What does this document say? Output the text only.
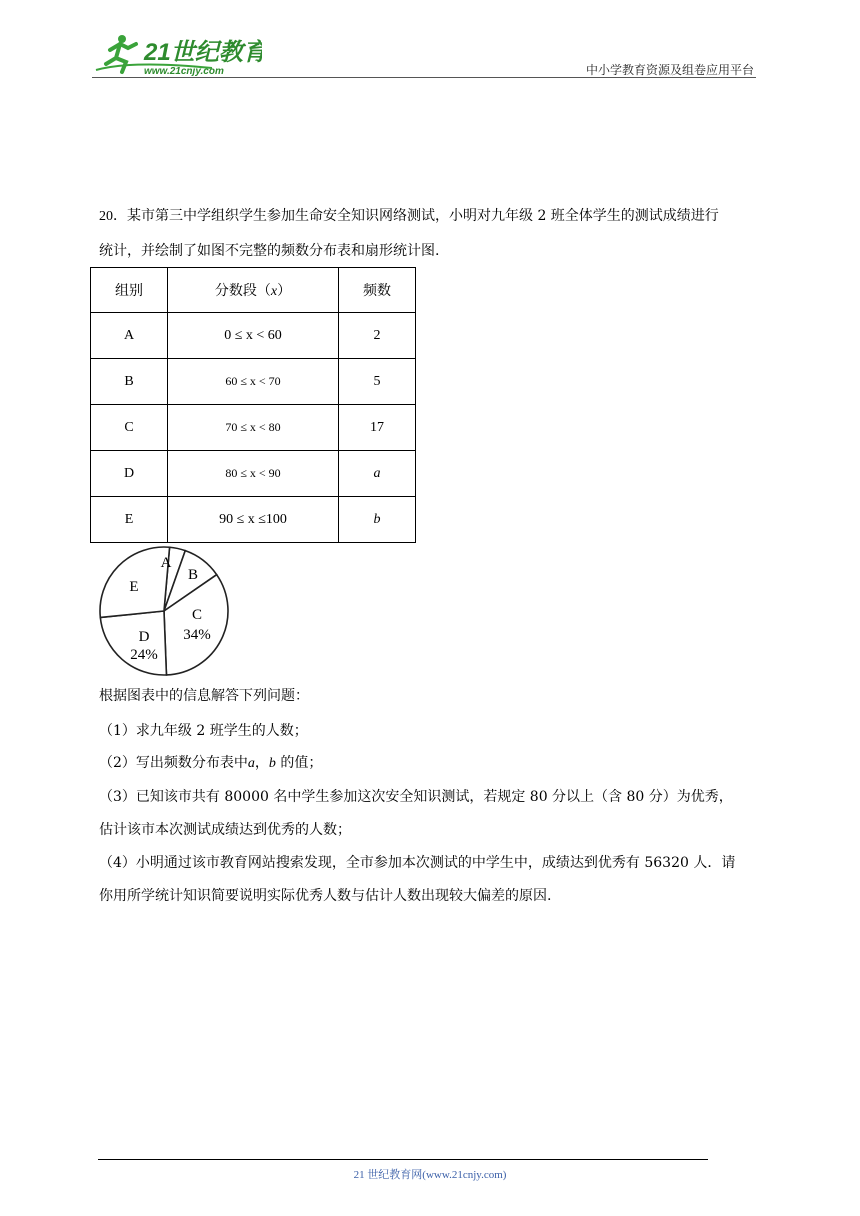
21世纪教育
www.21cnjy.com	中小学教育资源及组卷应用平台
20．某市第三中学组织学生参加生命安全知识网络测试，小明对九年级 2 班全体学生的测试成绩进行
统计，并绘制了如图不完整的频数分布表和扇形统计图.
组别	分数段（x）	频数
A	0 ≤ x < 60	2
B	60 ≤ x < 70	5
C	70 ≤ x < 80	17
D	80 ≤ x < 90	a
E	90 ≤ x ≤100	b
A
B
C
34%
D
24%
E
根据图表中的信息解答下列问题：
（1）求九年级 2 班学生的人数；
（2）写出频数分布表中a，b 的值；
（3）已知该市共有 80000 名中学生参加这次安全知识测试，若规定 80 分以上（含 80 分）为优秀，
估计该市本次测试成绩达到优秀的人数；
（4）小明通过该市教育网站搜索发现，全市参加本次测试的中学生中，成绩达到优秀有 56320 人．请
你用所学统计知识简要说明实际优秀人数与估计人数出现较大偏差的原因.
21 世纪教育网(www.21cnjy.com)
